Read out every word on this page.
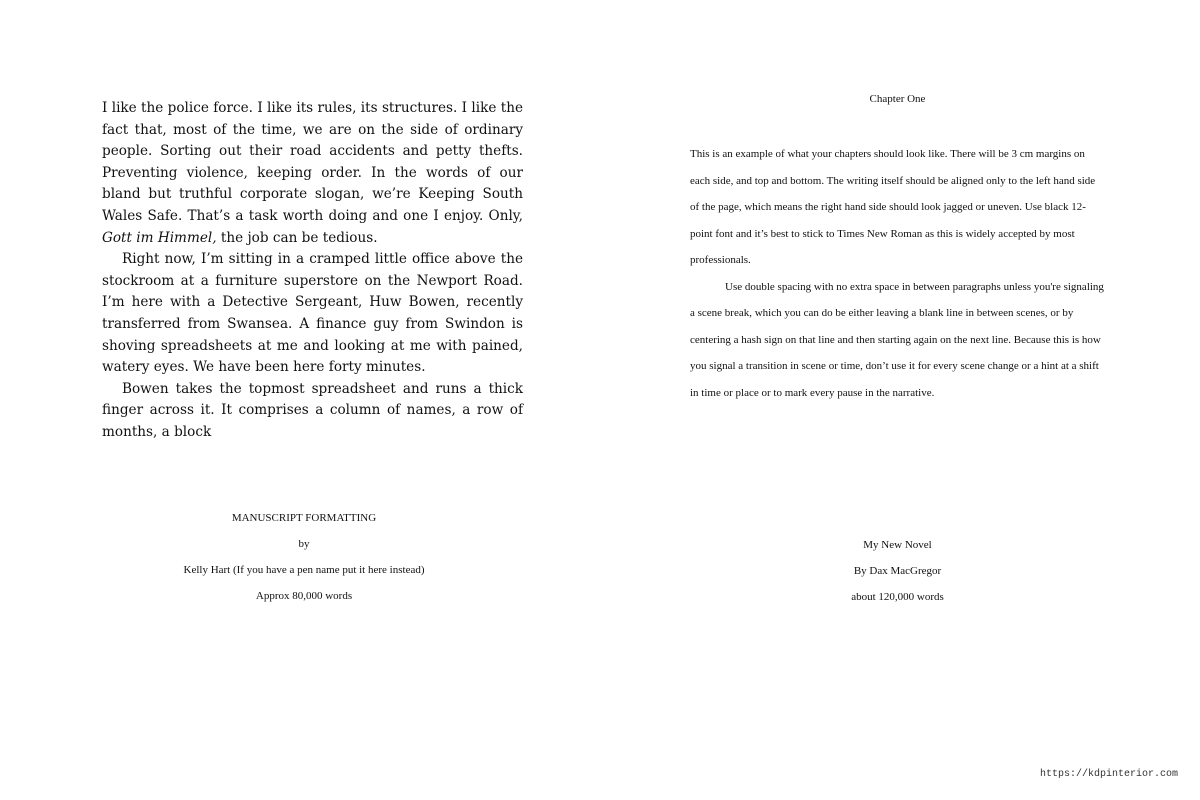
I like the police force. I like its rules, its structures. I like the fact that, most of the time, we are on the side of ordinary people. Sorting out their road accidents and petty thefts. Preventing violence, keeping order. In the words of our bland but truthful corporate slogan, we’re Keeping South Wales Safe. That’s a task worth doing and one I enjoy. Only, Gott im Himmel, the job can be tedious.

Right now, I’m sitting in a cramped little office above the stockroom at a furniture superstore on the Newport Road. I’m here with a Detective Sergeant, Huw Bowen, recently transferred from Swansea. A finance guy from Swindon is shoving spreadsheets at me and looking at me with pained, watery eyes. We have been here forty minutes.

Bowen takes the topmost spreadsheet and runs a thick finger across it. It comprises a column of names, a row of months, a block

Chapter One

This is an example of what your chapters should look like. There will be 3 cm margins on each side, and top and bottom. The writing itself should be aligned only to the left hand side of the page, which means the right hand side should look jagged or uneven. Use black 12-point font and it’s best to stick to Times New Roman as this is widely accepted by most professionals.

Use double spacing with no extra space in between paragraphs unless you're signaling a scene break, which you can do be either leaving a blank line in between scenes, or by centering a hash sign on that line and then starting again on the next line. Because this is how you signal a transition in scene or time, don’t use it for every scene change or a hint at a shift in time or place or to mark every pause in the narrative.

MANUSCRIPT FORMATTING
by
Kelly Hart (If you have a pen name put it here instead)
Approx 80,000 words
My New Novel
By Dax MacGregor
about 120,000 words
https://kdpinterior.com
